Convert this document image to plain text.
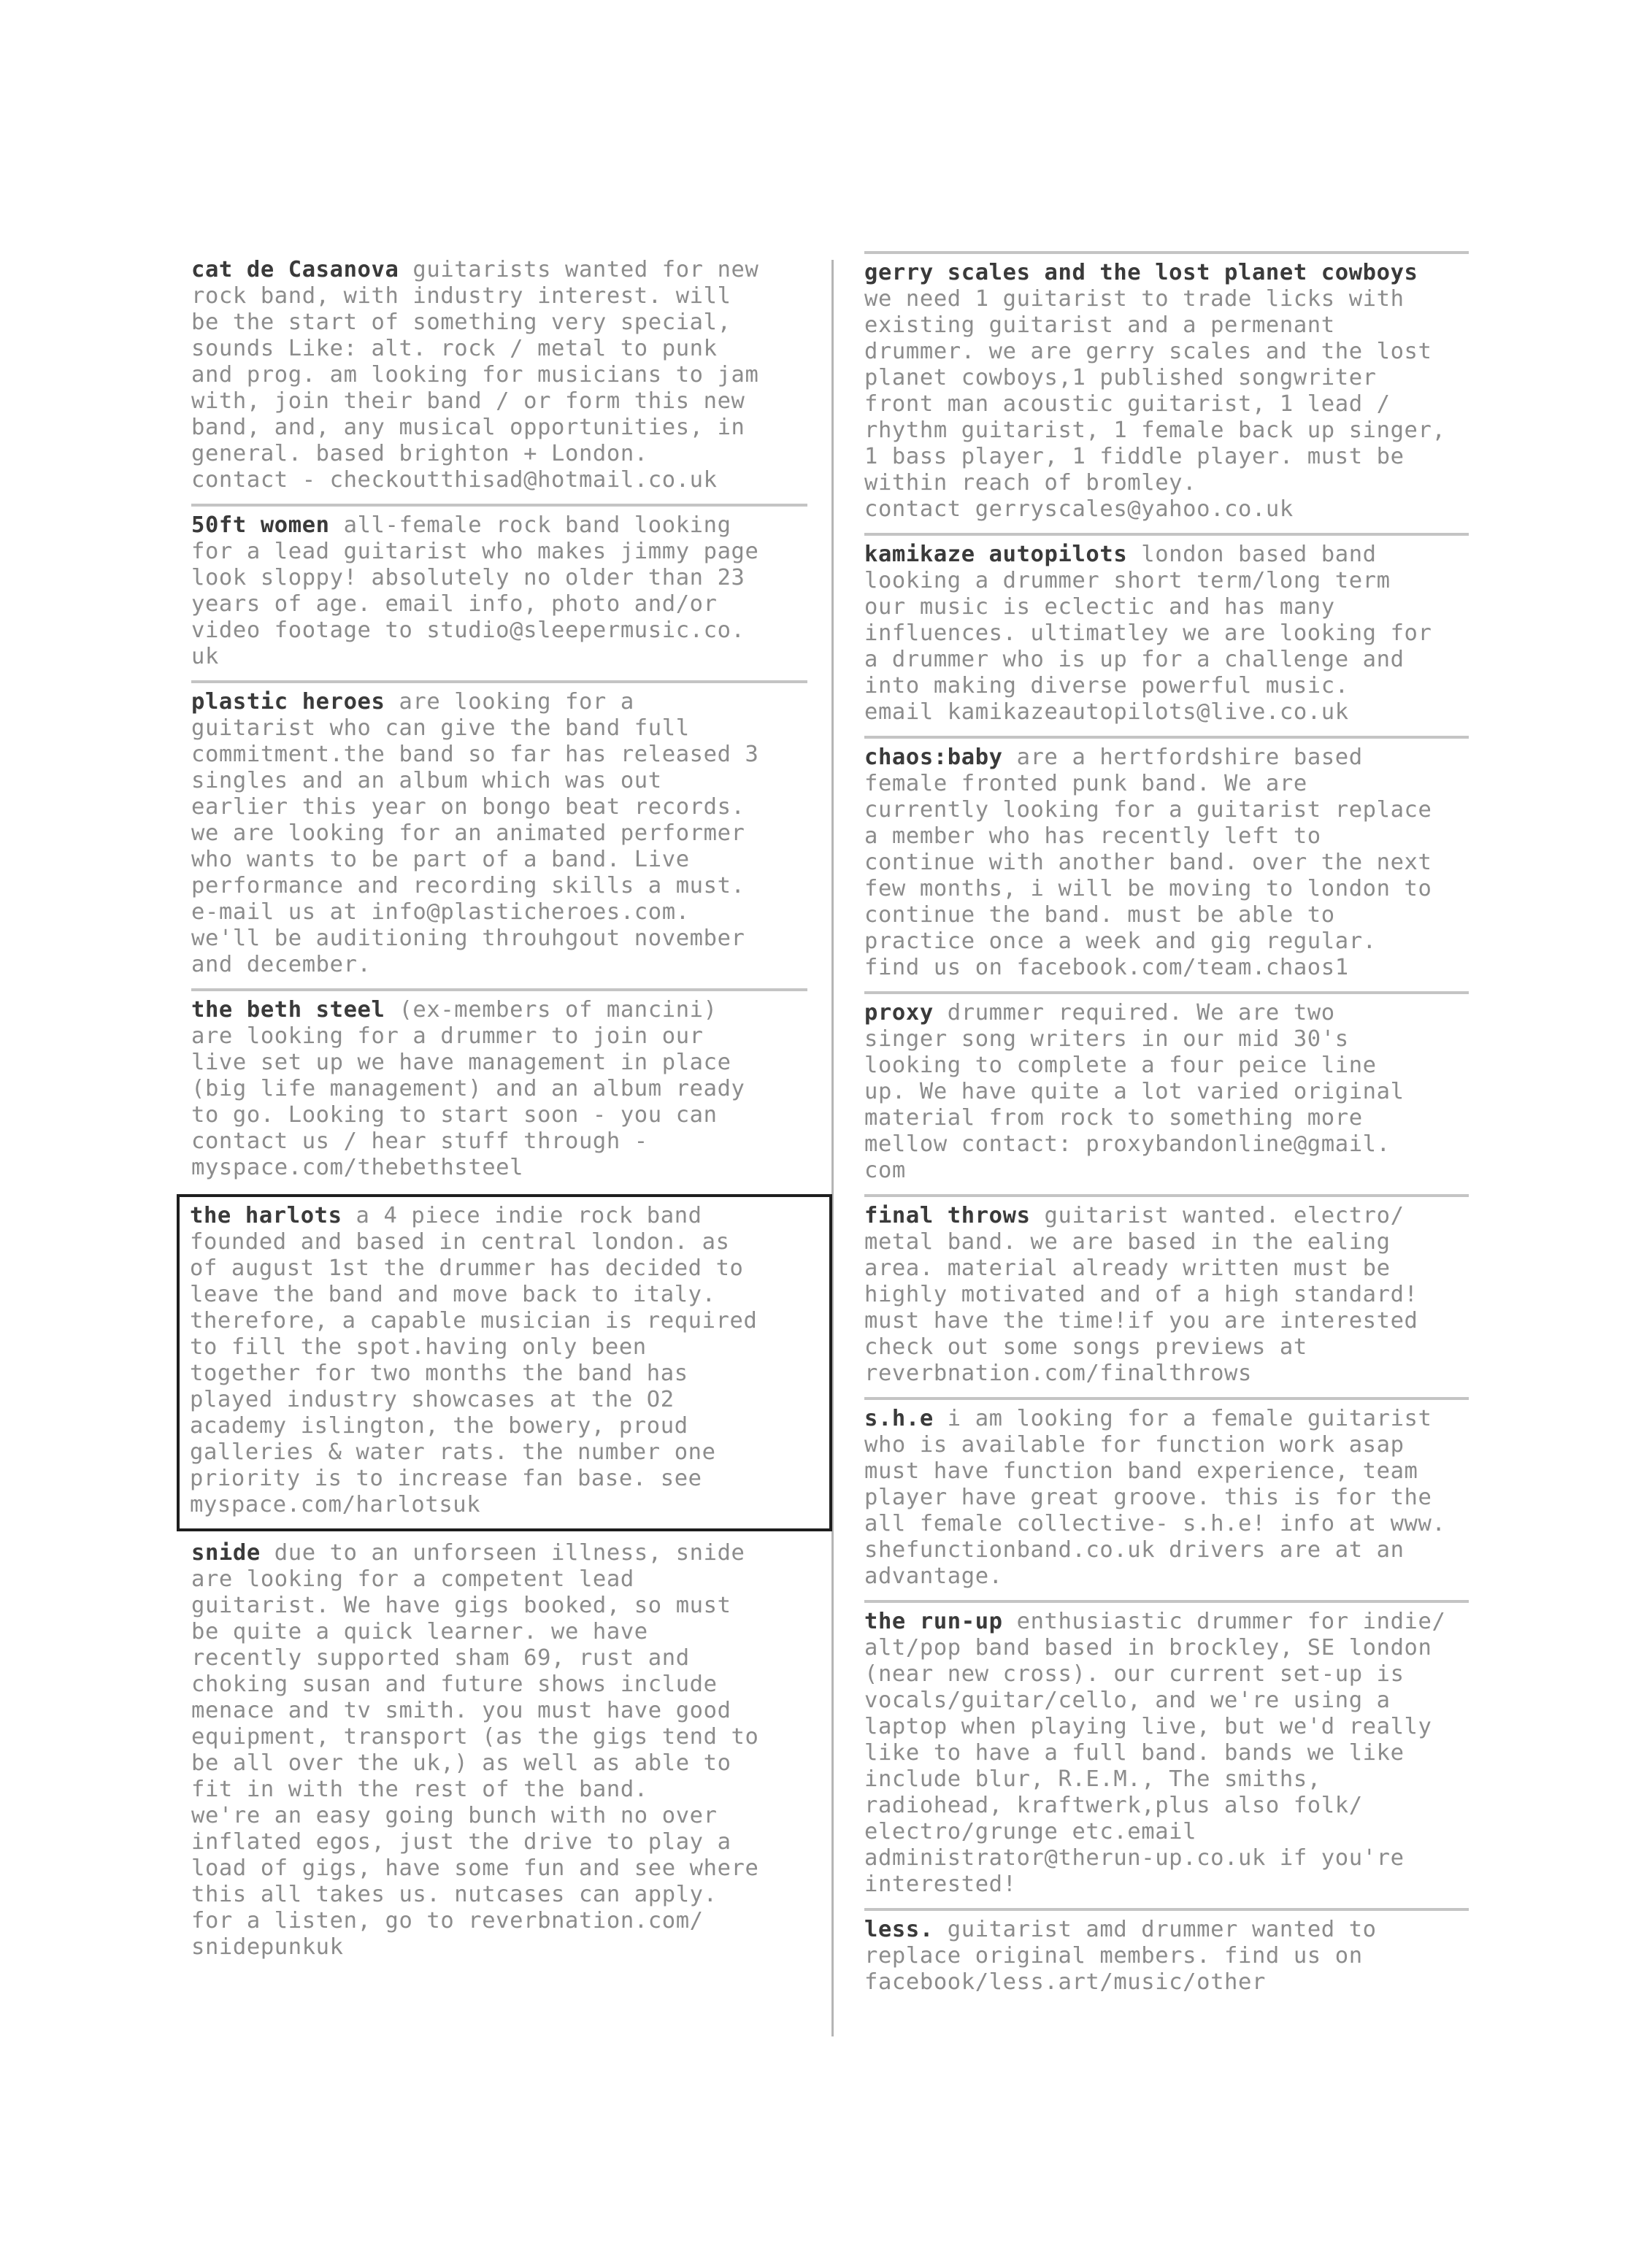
cat de Casanova guitarists wanted for new
rock band, with industry interest. will
be the start of something very special,
sounds Like: alt. rock / metal to punk
and prog. am looking for musicians to jam
with, join their band / or form this new
band, and, any musical opportunities, in
general. based brighton + London.
contact - checkoutthisad@hotmail.co.uk
50ft women all-female rock band looking
for a lead guitarist who makes jimmy page
look sloppy! absolutely no older than 23
years of age. email info, photo and/or
video footage to studio@sleepermusic.co.
uk
plastic heroes are looking for a
guitarist who can give the band full
commitment.the band so far has released 3
singles and an album which was out
earlier this year on bongo beat records.
we are looking for an animated performer
who wants to be part of a band. Live
performance and recording skills a must.
e-mail us at info@plasticheroes.com.
we'll be auditioning throuhgout november
and december.
the beth steel (ex-members of mancini)
are looking for a drummer to join our
live set up we have management in place
(big life management) and an album ready
to go. Looking to start soon - you can
contact us / hear stuff through -
myspace.com/thebethsteel
the harlots a 4 piece indie rock band
founded and based in central london. as
of august 1st the drummer has decided to
leave the band and move back to italy.
therefore, a capable musician is required
to fill the spot.having only been
together for two months the band has
played industry showcases at the O2
academy islington, the bowery, proud
galleries & water rats. the number one
priority is to increase fan base. see
myspace.com/harlotsuk
snide due to an unforseen illness, snide
are looking for a competent lead
guitarist. We have gigs booked, so must
be quite a quick learner. we have
recently supported sham 69, rust and
choking susan and future shows include
menace and tv smith. you must have good
equipment, transport (as the gigs tend to
be all over the uk,) as well as able to
fit in with the rest of the band.
we're an easy going bunch with no over
inflated egos, just the drive to play a
load of gigs, have some fun and see where
this all takes us. nutcases can apply.
for a listen, go to reverbnation.com/
snidepunkuk
gerry scales and the lost planet cowboys
we need 1 guitarist to trade licks with
existing guitarist and a permenant
drummer. we are gerry scales and the lost
planet cowboys,1 published songwriter
front man acoustic guitarist, 1 lead /
rhythm guitarist, 1 female back up singer,
1 bass player, 1 fiddle player. must be
within reach of bromley.
contact gerryscales@yahoo.co.uk
kamikaze autopilots london based band
looking a drummer short term/long term
our music is eclectic and has many
influences. ultimatley we are looking for
a drummer who is up for a challenge and
into making diverse powerful music.
email kamikazeautopilots@live.co.uk
chaos:baby are a hertfordshire based
female fronted punk band. We are
currently looking for a guitarist replace
a member who has recently left to
continue with another band. over the next
few months, i will be moving to london to
continue the band. must be able to
practice once a week and gig regular.
find us on facebook.com/team.chaos1
proxy drummer required. We are two
singer song writers in our mid 30's
looking to complete a four peice line
up. We have quite a lot varied original
material from rock to something more
mellow contact: proxybandonline@gmail.
com
final throws guitarist wanted. electro/
metal band. we are based in the ealing
area. material already written must be
highly motivated and of a high standard!
must have the time!if you are interested
check out some songs previews at
reverbnation.com/finalthrows
s.h.e i am looking for a female guitarist
who is available for function work asap
must have function band experience, team
player have great groove. this is for the
all female collective- s.h.e! info at www.
shefunctionband.co.uk drivers are at an
advantage.
the run-up enthusiastic drummer for indie/
alt/pop band based in brockley, SE london
(near new cross). our current set-up is
vocals/guitar/cello, and we're using a
laptop when playing live, but we'd really
like to have a full band. bands we like
include blur, R.E.M., The smiths,
radiohead, kraftwerk,plus also folk/
electro/grunge etc.email
administrator@therun-up.co.uk if you're
interested!
less. guitarist amd drummer wanted to
replace original members. find us on
facebook/less.art/music/other
